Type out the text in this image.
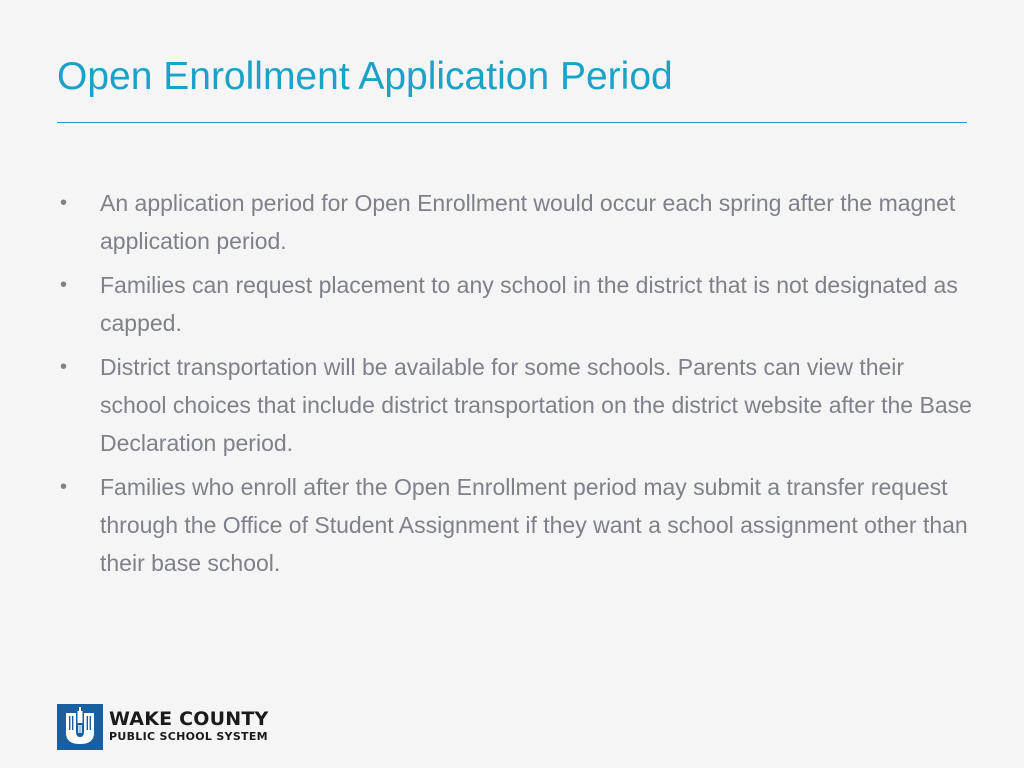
Open Enrollment Application Period
•	An application period for Open Enrollment would occur each spring after the magnet application period.
•	Families can request placement to any school in the district that is not designated as capped.
•	District transportation will be available for some schools. Parents can view their school choices that include district transportation on the district website after the Base Declaration period.
•	Families who enroll after the Open Enrollment period may submit a transfer request through the Office of Student Assignment if they want a school assignment other than their base school.
WAKE COUNTY
PUBLIC SCHOOL SYSTEM
